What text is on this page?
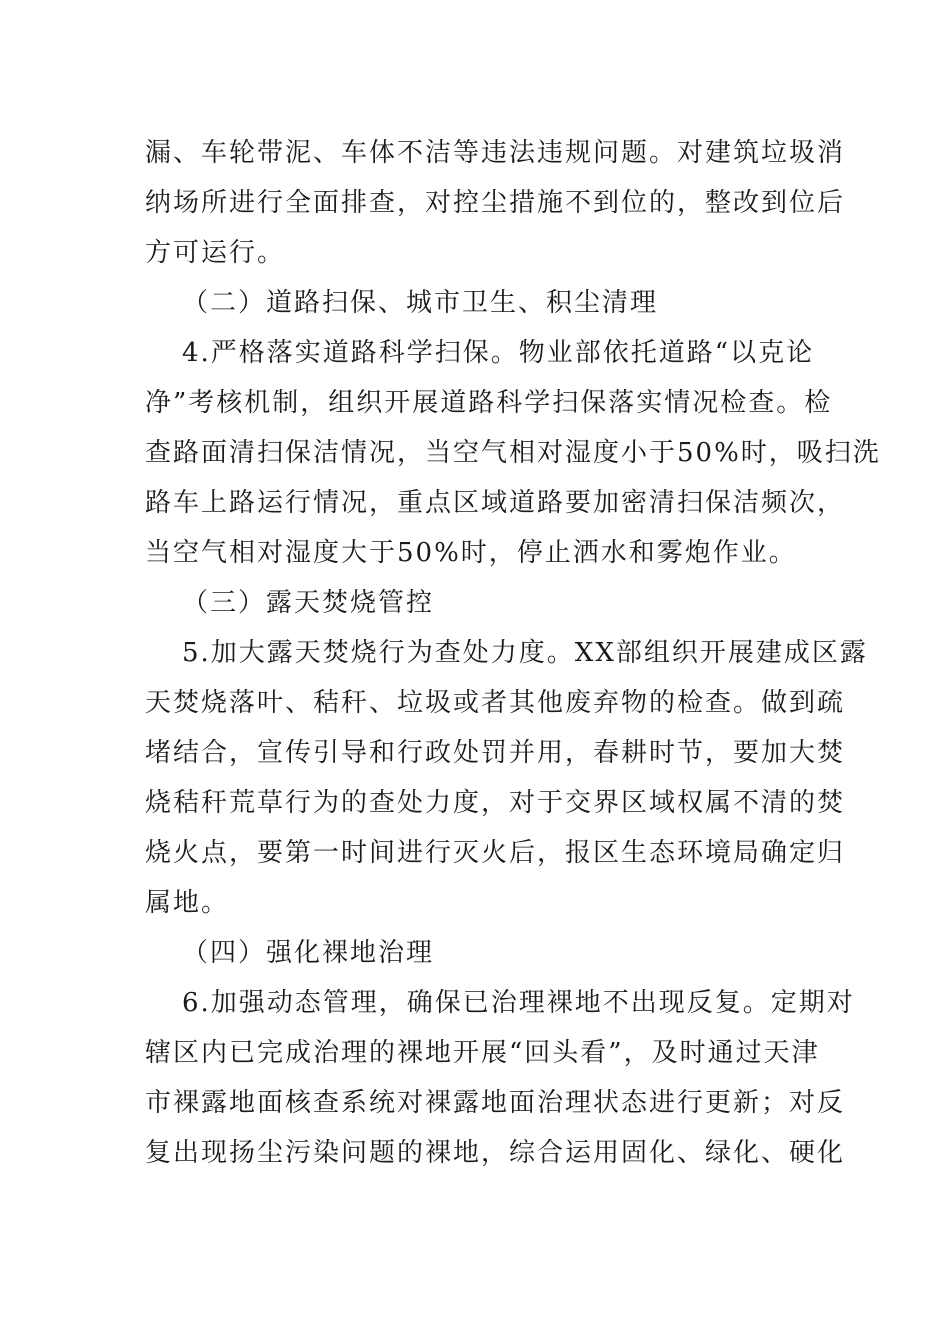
漏、车轮带泥、车体不洁等违法违规问题。对建筑垃圾消
纳场所进行全面排查，对控尘措施不到位的，整改到位后
方可运行。
（二）道路扫保、城市卫生、积尘清理
4.严格落实道路科学扫保。物业部依托道路“以克论
净”考核机制，组织开展道路科学扫保落实情况检查。检
查路面清扫保洁情况，当空气相对湿度小于50%时，吸扫洗
路车上路运行情况，重点区域道路要加密清扫保洁频次，
当空气相对湿度大于50%时，停止洒水和雾炮作业。
（三）露天焚烧管控
5.加大露天焚烧行为查处力度。XX部组织开展建成区露
天焚烧落叶、秸秆、垃圾或者其他废弃物的检查。做到疏
堵结合，宣传引导和行政处罚并用，春耕时节，要加大焚
烧秸秆荒草行为的查处力度，对于交界区域权属不清的焚
烧火点，要第一时间进行灭火后，报区生态环境局确定归
属地。
（四）强化裸地治理
6.加强动态管理，确保已治理裸地不出现反复。定期对
辖区内已完成治理的裸地开展“回头看”，及时通过天津
市裸露地面核查系统对裸露地面治理状态进行更新；对反
复出现扬尘污染问题的裸地，综合运用固化、绿化、硬化
